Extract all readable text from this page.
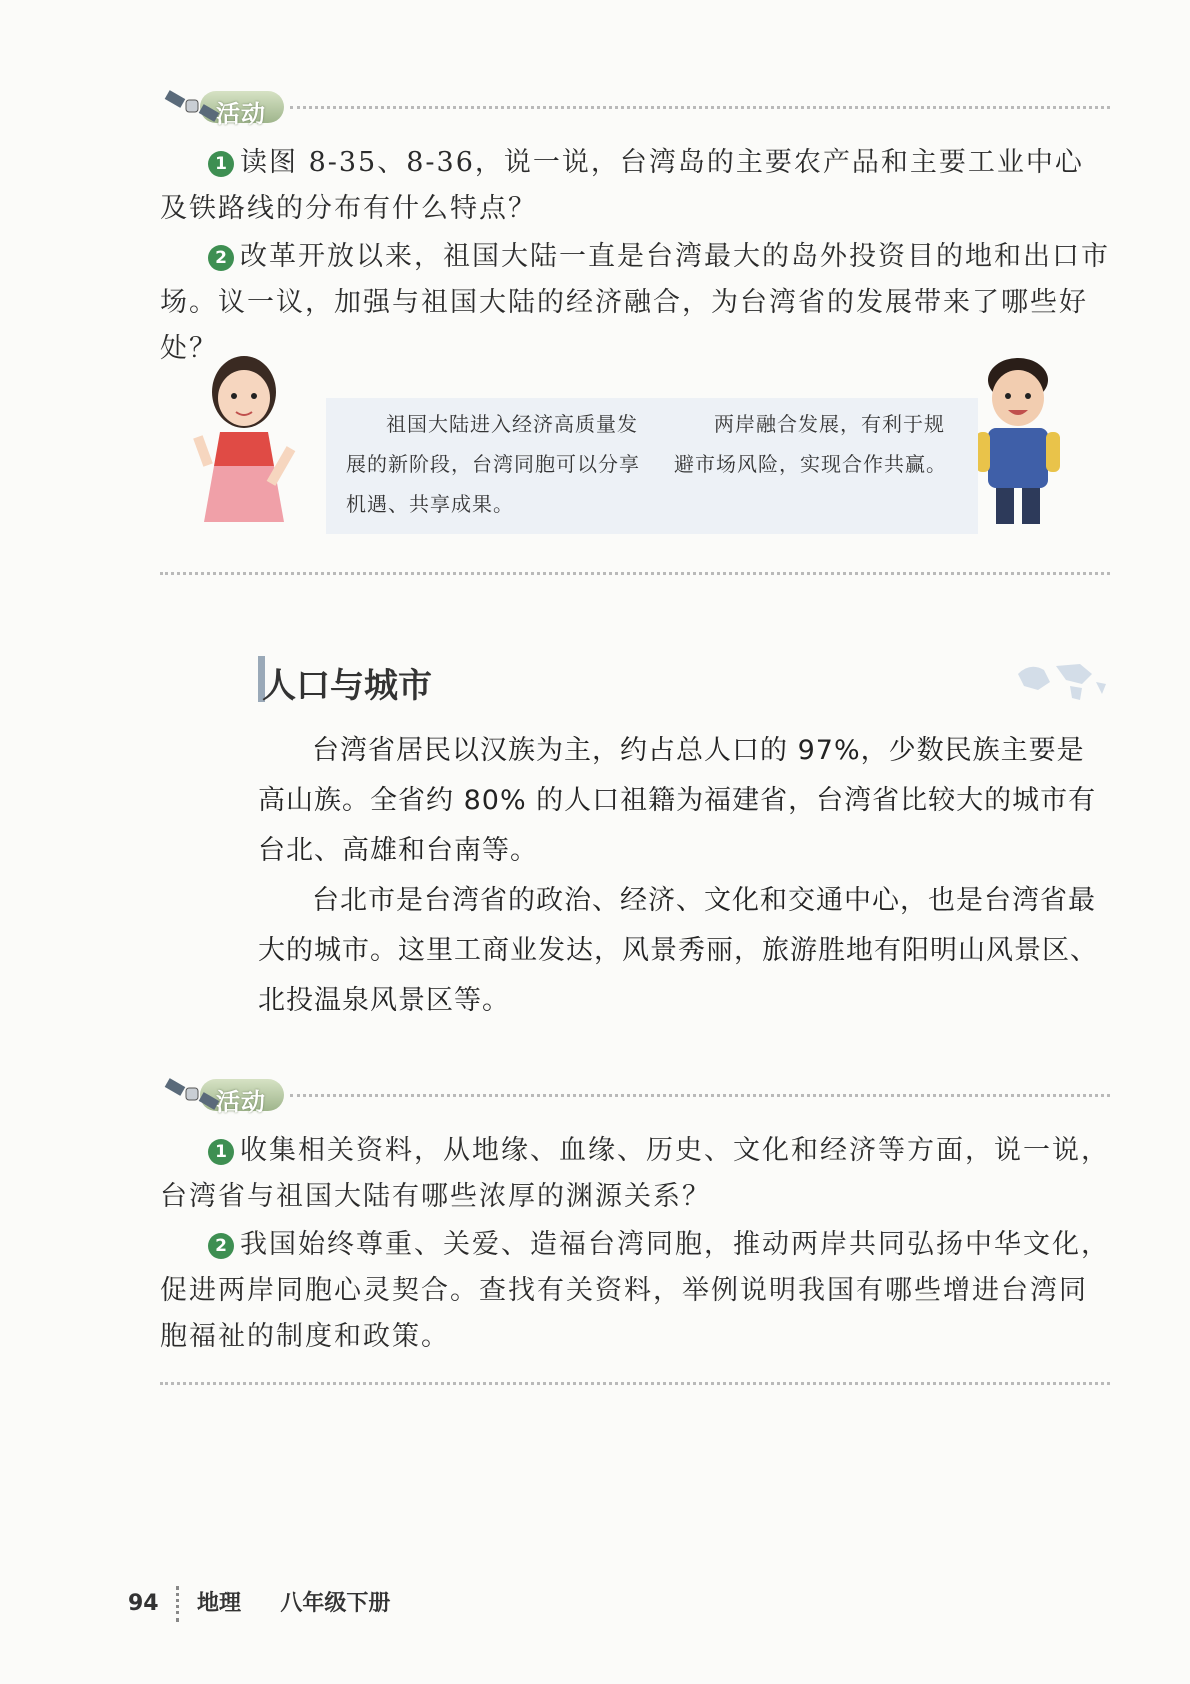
活动
1 读图 8-35、8-36，说一说，台湾岛的主要农产品和主要工业中心及铁路线的分布有什么特点？
2 改革开放以来，祖国大陆一直是台湾最大的岛外投资目的地和出口市场。议一议，加强与祖国大陆的经济融合，为台湾省的发展带来了哪些好处？
祖国大陆进入经济高质量发展的新阶段，台湾同胞可以分享机遇、共享成果。
两岸融合发展，有利于规避市场风险，实现合作共赢。
人口与城市

台湾省居民以汉族为主，约占总人口的 97%，少数民族主要是高山族。全省约 80% 的人口祖籍为福建省，台湾省比较大的城市有台北、高雄和台南等。

台北市是台湾省的政治、经济、文化和交通中心，也是台湾省最大的城市。这里工商业发达，风景秀丽，旅游胜地有阳明山风景区、北投温泉风景区等。

活动
1 收集相关资料，从地缘、血缘、历史、文化和经济等方面，说一说，台湾省与祖国大陆有哪些浓厚的渊源关系？
2 我国始终尊重、关爱、造福台湾同胞，推动两岸共同弘扬中华文化，促进两岸同胞心灵契合。查找有关资料，举例说明我国有哪些增进台湾同胞福祉的制度和政策。
94 地理 八年级下册
